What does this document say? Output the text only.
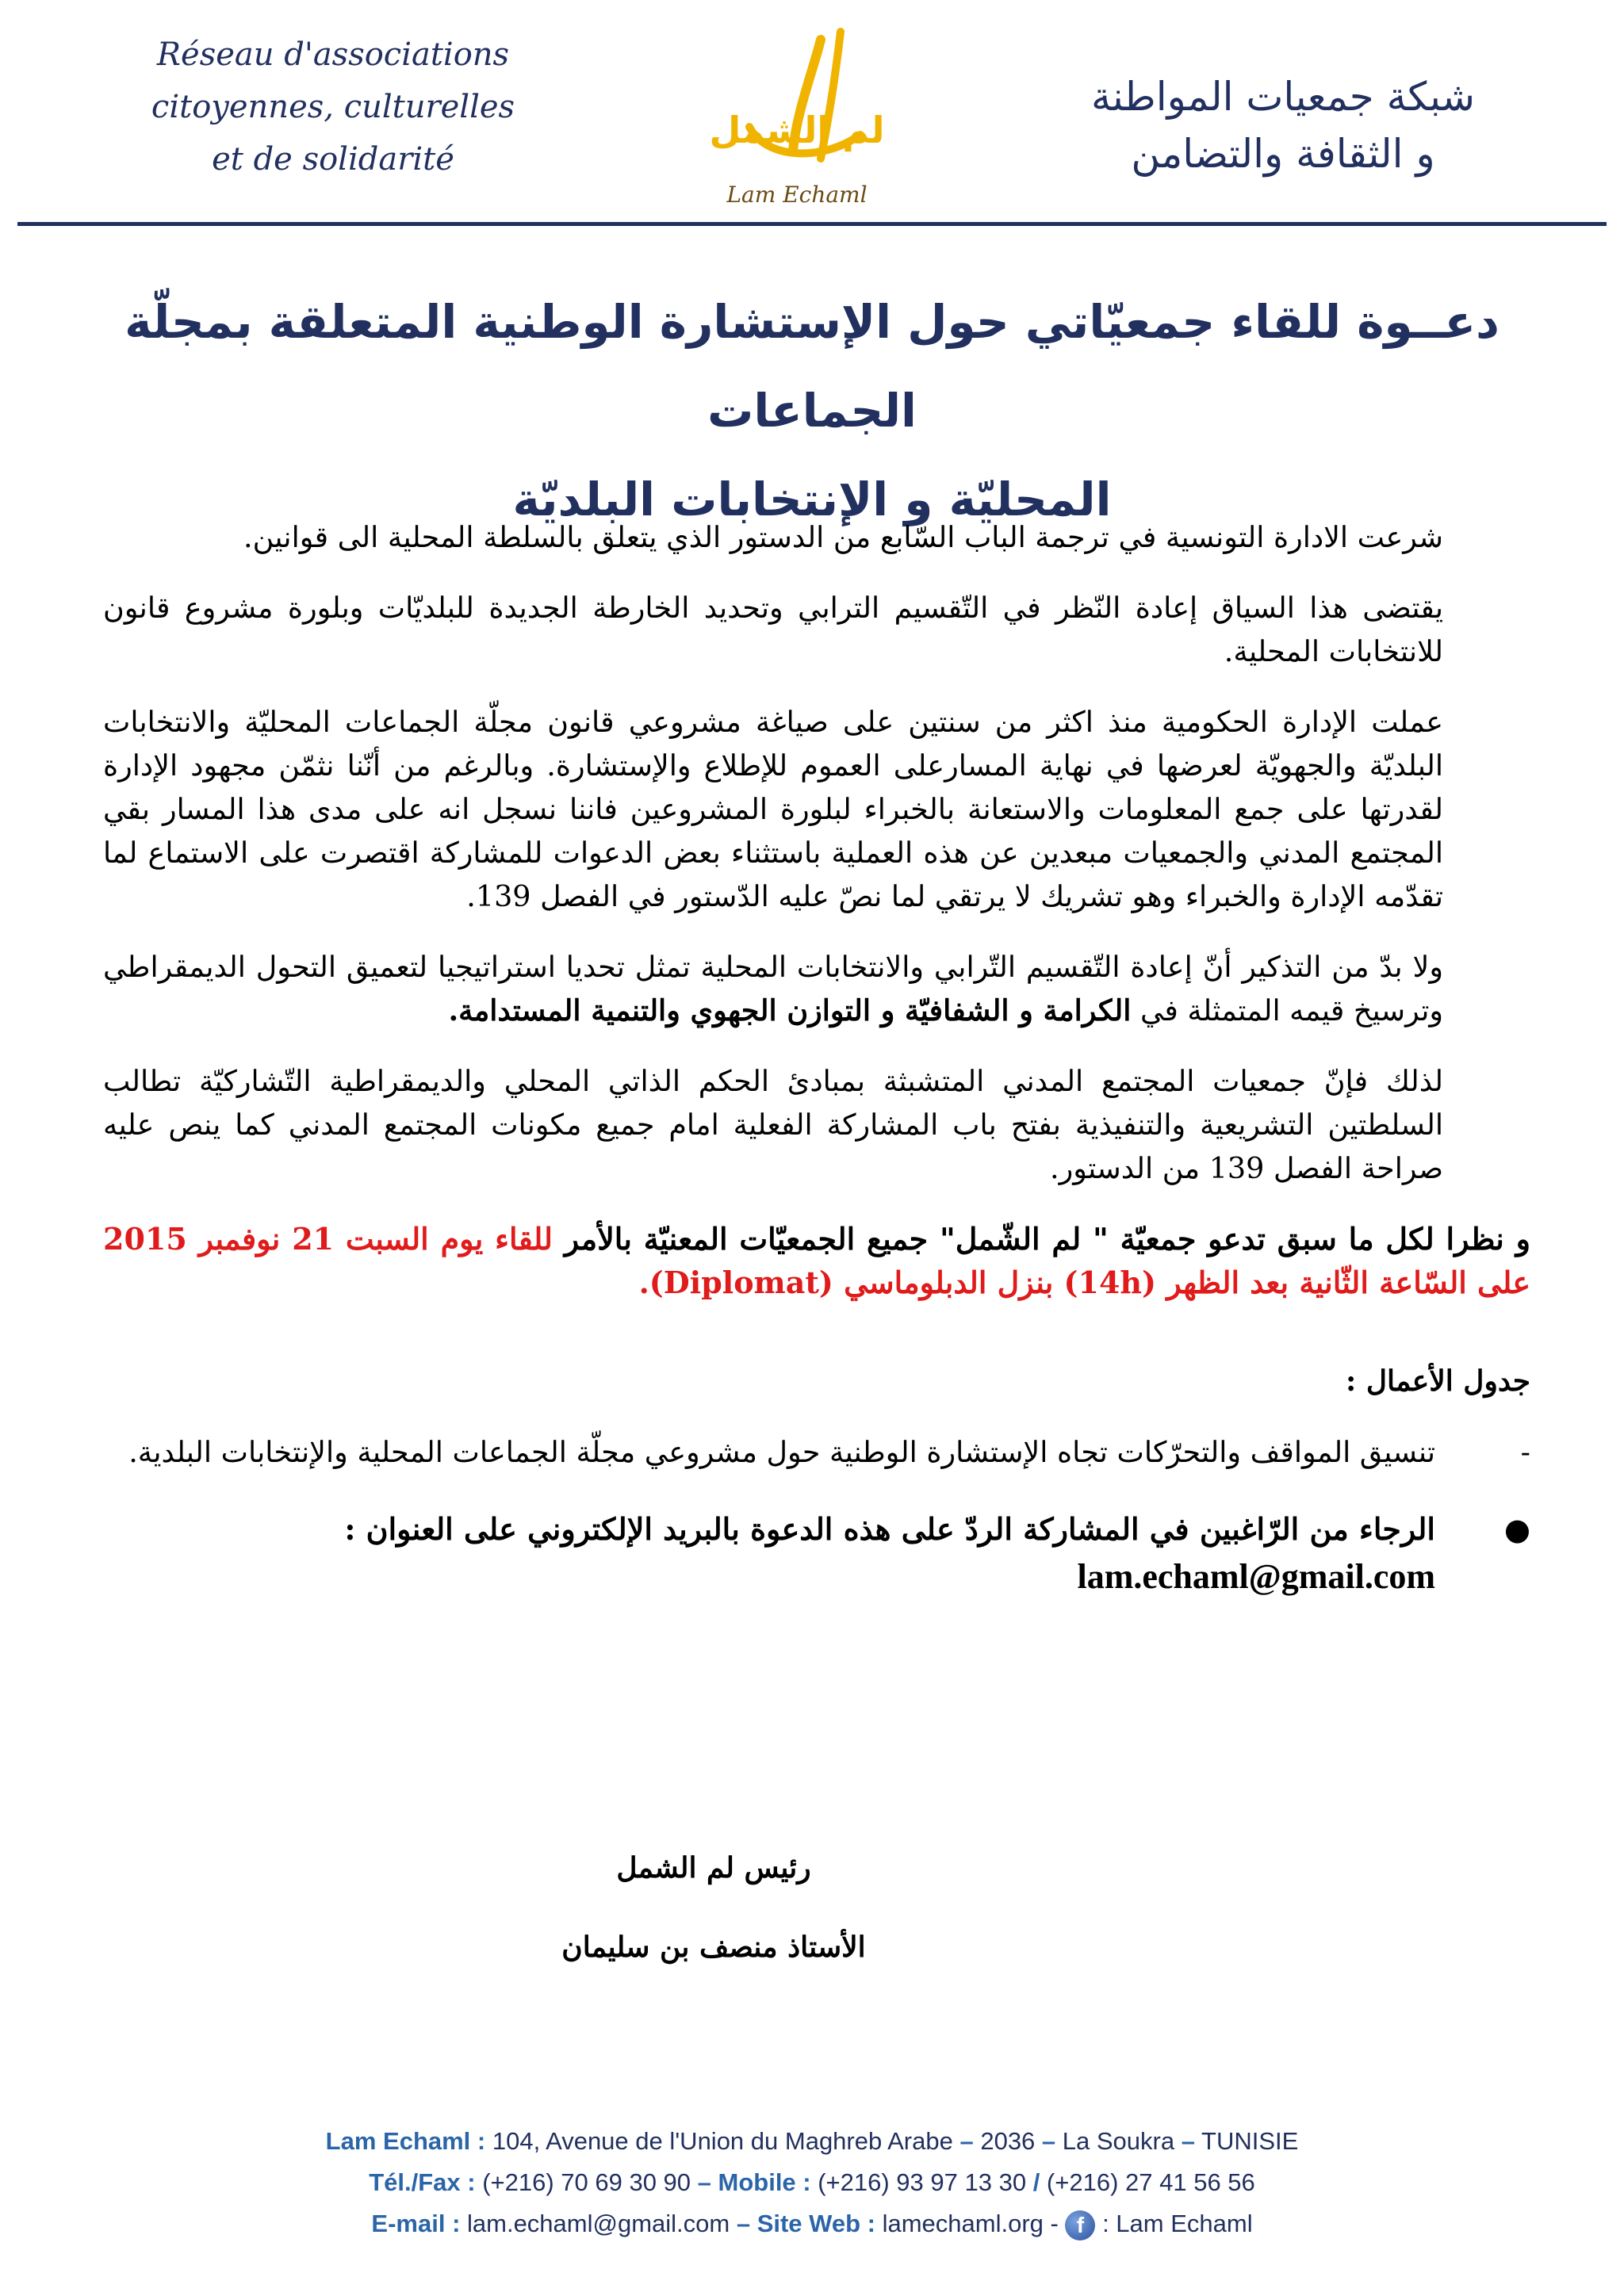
Réseau d'associations
citoyennes, culturelles
et de solidarité
لم الشمل
Lam Echaml
شبكة جمعيات المواطنة
و الثقافة والتضامن
دعــوة للقاء جمعيّاتي حول الإستشارة الوطنية المتعلقة بمجلّة الجماعات
المحليّة و الإنتخابات البلديّة

شرعت الادارة التونسية في ترجمة الباب السّابع من الدستور الذي يتعلق بالسلطة المحلية الى قوانين.

يقتضى هذا السياق إعادة النّظر في التّقسيم الترابي وتحديد الخارطة الجديدة للبلديّات وبلورة مشروع قانون للانتخابات المحلية.

عملت الإدارة الحكومية منذ اكثر من سنتين على صياغة مشروعي قانون مجلّة الجماعات المحليّة والانتخابات البلديّة والجهويّة لعرضها في نهاية المسارعلى العموم للإطلاع والإستشارة. وبالرغم من أنّنا نثمّن مجهود الإدارة لقدرتها على جمع المعلومات والاستعانة بالخبراء لبلورة المشروعين فاننا نسجل انه على مدى هذا المسار بقي المجتمع المدني والجمعيات مبعدين عن هذه العملية باستثناء بعض الدعوات للمشاركة اقتصرت على الاستماع لما تقدّمه الإدارة والخبراء وهو تشريك لا يرتقي لما نصّ عليه الدّستور في الفصل 139.

ولا بدّ من التذكير أنّ إعادة التّقسيم التّرابي والانتخابات المحلية تمثل تحديا استراتيجيا لتعميق التحول الديمقراطي وترسيخ قيمه المتمثلة في الكرامة و الشفافيّة و التوازن الجهوي والتنمية المستدامة.

لذلك فإنّ جمعيات المجتمع المدني المتشبثة بمبادئ الحكم الذاتي المحلي والديمقراطية التّشاركيّة تطالب السلطتين التشريعية والتنفيذية بفتح باب المشاركة الفعلية امام جميع مكونات المجتمع المدني كما ينص عليه صراحة الفصل 139 من الدستور.

و نظرا لكل ما سبق تدعو جمعيّة " لم الشّمل" جميع الجمعيّات المعنيّة بالأمر للقاء يوم السبت 21 نوفمبر 2015 على السّاعة الثّانية بعد الظهر (14h) بنزل الدبلوماسي (Diplomat).

جدول الأعمال :

-
تنسيق المواقف والتحرّكات تجاه الإستشارة الوطنية حول مشروعي مجلّة الجماعات المحلية والإنتخابات البلدية.
●
الرجاء من الرّاغبين في المشاركة الردّ على هذه الدعوة بالبريد الإلكتروني على العنوان :
lam.echaml@gmail.com
رئيس لم الشمل
الأستاذ منصف بن سليمان
Lam Echaml : 104, Avenue de l'Union du Maghreb Arabe – 2036 – La Soukra – TUNISIE
Tél./Fax : (+216) 70 69 30 90 – Mobile : (+216) 93 97 13 30 / (+216) 27 41 56 56
E-mail : lam.echaml@gmail.com – Site Web : lamechaml.org - f : Lam Echaml
